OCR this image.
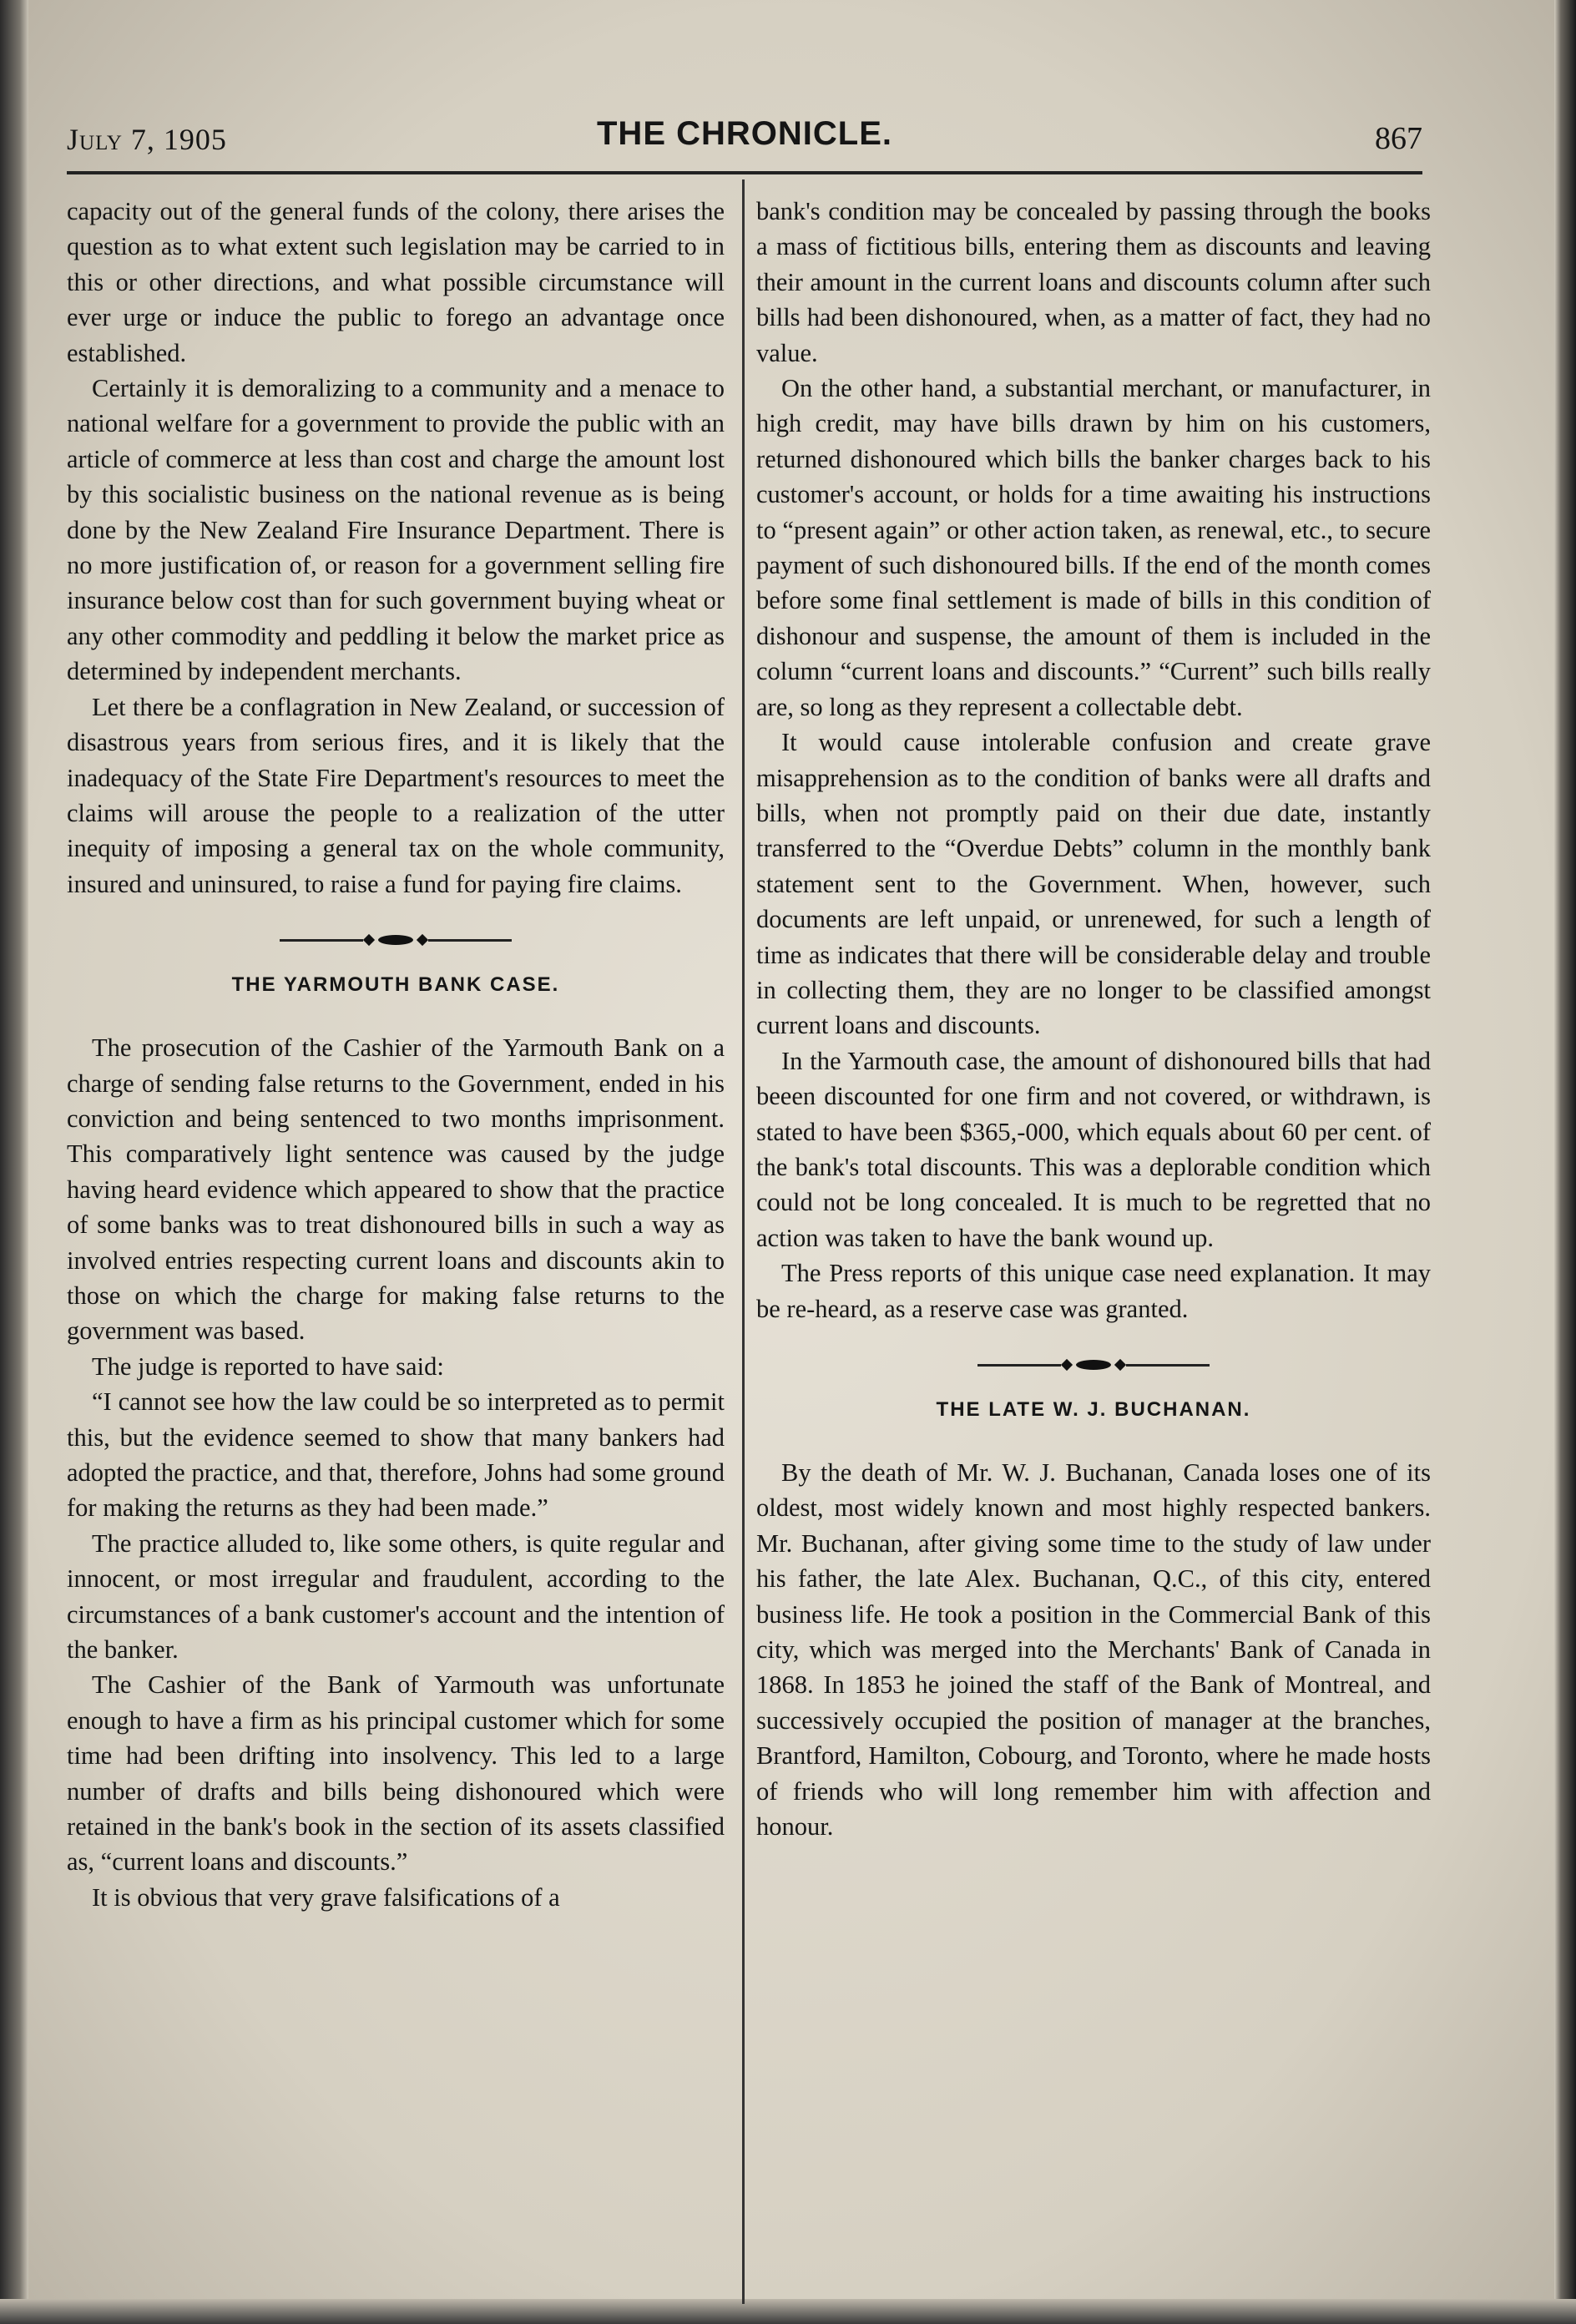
July 7, 1905	THE CHRONICLE.	867

capacity out of the general funds of the colony, there arises the question as to what extent such legislation may be carried to in this or other directions, and what possible circumstance will ever urge or induce the public to forego an advantage once established.

Certainly it is demoralizing to a community and a menace to national welfare for a government to provide the public with an article of commerce at less than cost and charge the amount lost by this socialistic business on the national revenue as is being done by the New Zealand Fire Insurance Department. There is no more justification of, or reason for a government selling fire insurance below cost than for such government buying wheat or any other commodity and peddling it below the market price as determined by independent merchants.

Let there be a conflagration in New Zealand, or succession of disastrous years from serious fires, and it is likely that the inadequacy of the State Fire Department's resources to meet the claims will arouse the people to a realization of the utter inequity of imposing a general tax on the whole community, insured and uninsured, to raise a fund for paying fire claims.

THE YARMOUTH BANK CASE.

The prosecution of the Cashier of the Yarmouth Bank on a charge of sending false returns to the Government, ended in his conviction and being sentenced to two months imprisonment. This comparatively light sentence was caused by the judge having heard evidence which appeared to show that the practice of some banks was to treat dishonoured bills in such a way as involved entries respecting current loans and discounts akin to those on which the charge for making false returns to the government was based.

The judge is reported to have said:

“I cannot see how the law could be so interpreted as to permit this, but the evidence seemed to show that many bankers had adopted the practice, and that, therefore, Johns had some ground for making the returns as they had been made.”

The practice alluded to, like some others, is quite regular and innocent, or most irregular and fraudulent, according to the circumstances of a bank customer's account and the intention of the banker.

The Cashier of the Bank of Yarmouth was unfortunate enough to have a firm as his principal customer which for some time had been drifting into insolvency. This led to a large number of drafts and bills being dishonoured which were retained in the bank's book in the section of its assets classified as, “current loans and discounts.”

It is obvious that very grave falsifications of a

bank's condition may be concealed by passing through the books a mass of fictitious bills, entering them as discounts and leaving their amount in the current loans and discounts column after such bills had been dishonoured, when, as a matter of fact, they had no value.

On the other hand, a substantial merchant, or manufacturer, in high credit, may have bills drawn by him on his customers, returned dishonoured which bills the banker charges back to his customer's account, or holds for a time awaiting his instructions to “present again” or other action taken, as renewal, etc., to secure payment of such dishonoured bills. If the end of the month comes before some final settlement is made of bills in this condition of dishonour and suspense, the amount of them is included in the column “current loans and discounts.” “Current” such bills really are, so long as they represent a collectable debt.

It would cause intolerable confusion and create grave misapprehension as to the condition of banks were all drafts and bills, when not promptly paid on their due date, instantly transferred to the “Overdue Debts” column in the monthly bank statement sent to the Government. When, however, such documents are left unpaid, or unrenewed, for such a length of time as indicates that there will be considerable delay and trouble in collecting them, they are no longer to be classified amongst current loans and discounts.

In the Yarmouth case, the amount of dishonoured bills that had beeen discounted for one firm and not covered, or withdrawn, is stated to have been $365,-000, which equals about 60 per cent. of the bank's total discounts. This was a deplorable condition which could not be long concealed. It is much to be regretted that no action was taken to have the bank wound up.

The Press reports of this unique case need explanation. It may be re-heard, as a reserve case was granted.

THE LATE W. J. BUCHANAN.

By the death of Mr. W. J. Buchanan, Canada loses one of its oldest, most widely known and most highly respected bankers. Mr. Buchanan, after giving some time to the study of law under his father, the late Alex. Buchanan, Q.C., of this city, entered business life. He took a position in the Commercial Bank of this city, which was merged into the Merchants' Bank of Canada in 1868. In 1853 he joined the staff of the Bank of Montreal, and successively occupied the position of manager at the branches, Brantford, Hamilton, Cobourg, and Toronto, where he made hosts of friends who will long remember him with affection and honour.
